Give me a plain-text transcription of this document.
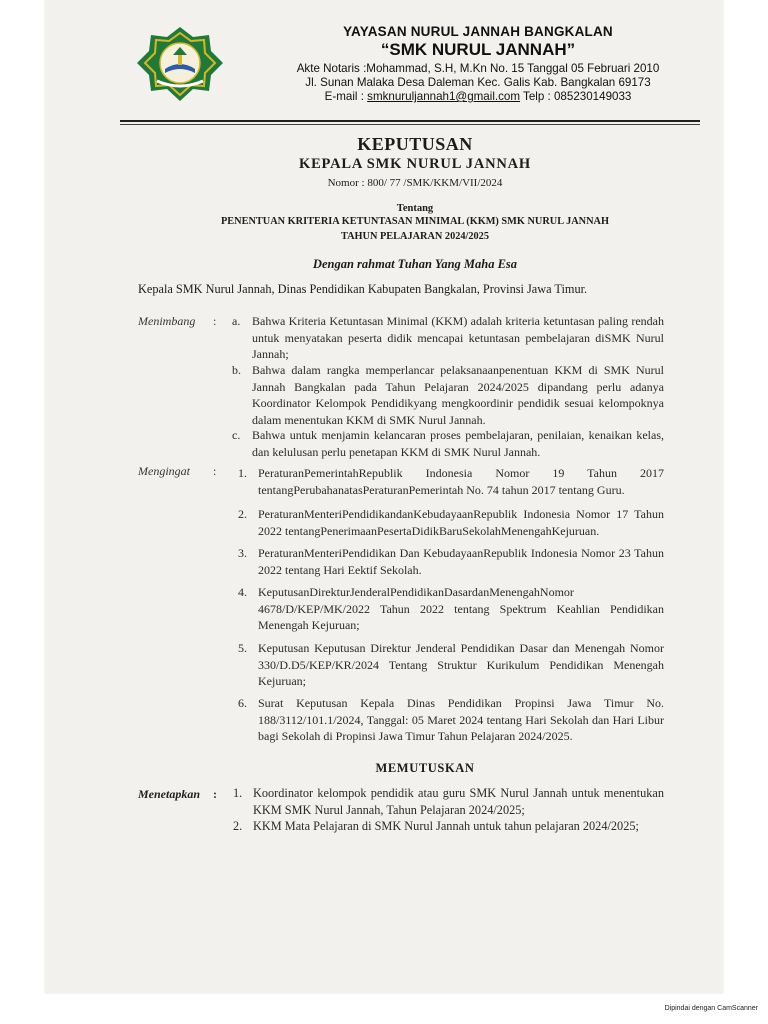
YAYASAN NURUL JANNAH BANGKALAN
“SMK NURUL JANNAH”
Akte Notaris :Mohammad, S.H, M.Kn No. 15 Tanggal 05 Februari 2010
Jl. Sunan Malaka Desa Daleman Kec. Galis Kab. Bangkalan 69173
E-mail : smknuruljannah1@gmail.com Telp : 085230149033
KEPUTUSAN
KEPALA SMK NURUL JANNAH
Nomor : 800/ 77 /SMK/KKM/VII/2024
Tentang
PENENTUAN KRITERIA KETUNTASAN MINIMAL (KKM) SMK NURUL JANNAH
TAHUN PELAJARAN 2024/2025
Dengan rahmat Tuhan Yang Maha Esa
Kepala SMK Nurul Jannah, Dinas Pendidikan Kabupaten Bangkalan, Provinsi Jawa Timur.
Menimbang : a. Bahwa Kriteria Ketuntasan Minimal (KKM) adalah kriteria ketuntasan paling rendah untuk menyatakan peserta didik mencapai ketuntasan pembelajaran diSMK Nurul Jannah;
b. Bahwa dalam rangka memperlancar pelaksanaanpenentuan KKM di SMK Nurul Jannah Bangkalan pada Tahun Pelajaran 2024/2025 dipandang perlu adanya Koordinator Kelompok Pendidikyang mengkoordinir pendidik sesuai kelompoknya dalam menentukan KKM di SMK Nurul Jannah.
c. Bahwa untuk menjamin kelancaran proses pembelajaran, penilaian, kenaikan kelas, dan kelulusan perlu penetapan KKM di SMK Nurul Jannah.
Mengingat : 1. PeraturanPemerintahRepublik Indonesia Nomor 19 Tahun 2017 tentangPerubahanatasPeraturanPemerintah No. 74 tahun 2017 tentang Guru.
2. PeraturanMenteriPendidikandanKebudayaanRepublik Indonesia Nomor 17 Tahun 2022 tentangPenerimaanPesertaDidikBaruSekolahMenengahKejuruan.
3. PeraturanMenteriPendidikan Dan KebudayaanRepublik Indonesia Nomor 23 Tahun 2022 tentang Hari Eektif Sekolah.
4. KeputusanDirekturJenderalPendidikanDasardanMenengahNomor 4678/D/KEP/MK/2022 Tahun 2022 tentang Spektrum Keahlian Pendidikan Menengah Kejuruan;
5. Keputusan Keputusan Direktur Jenderal Pendidikan Dasar dan Menengah Nomor 330/D.D5/KEP/KR/2024 Tentang Struktur Kurikulum Pendidikan Menengah Kejuruan;
6. Surat Keputusan Kepala Dinas Pendidikan Propinsi Jawa Timur No. 188/3112/101.1/2024, Tanggal: 05 Maret 2024 tentang Hari Sekolah dan Hari Libur bagi Sekolah di Propinsi Jawa Timur Tahun Pelajaran 2024/2025.
MEMUTUSKAN
Menetapkan : 1. Koordinator kelompok pendidik atau guru SMK Nurul Jannah untuk menentukan KKM SMK Nurul Jannah, Tahun Pelajaran 2024/2025;
2. KKM Mata Pelajaran di SMK Nurul Jannah untuk tahun pelajaran 2024/2025;
Dipindai dengan CamScanner
